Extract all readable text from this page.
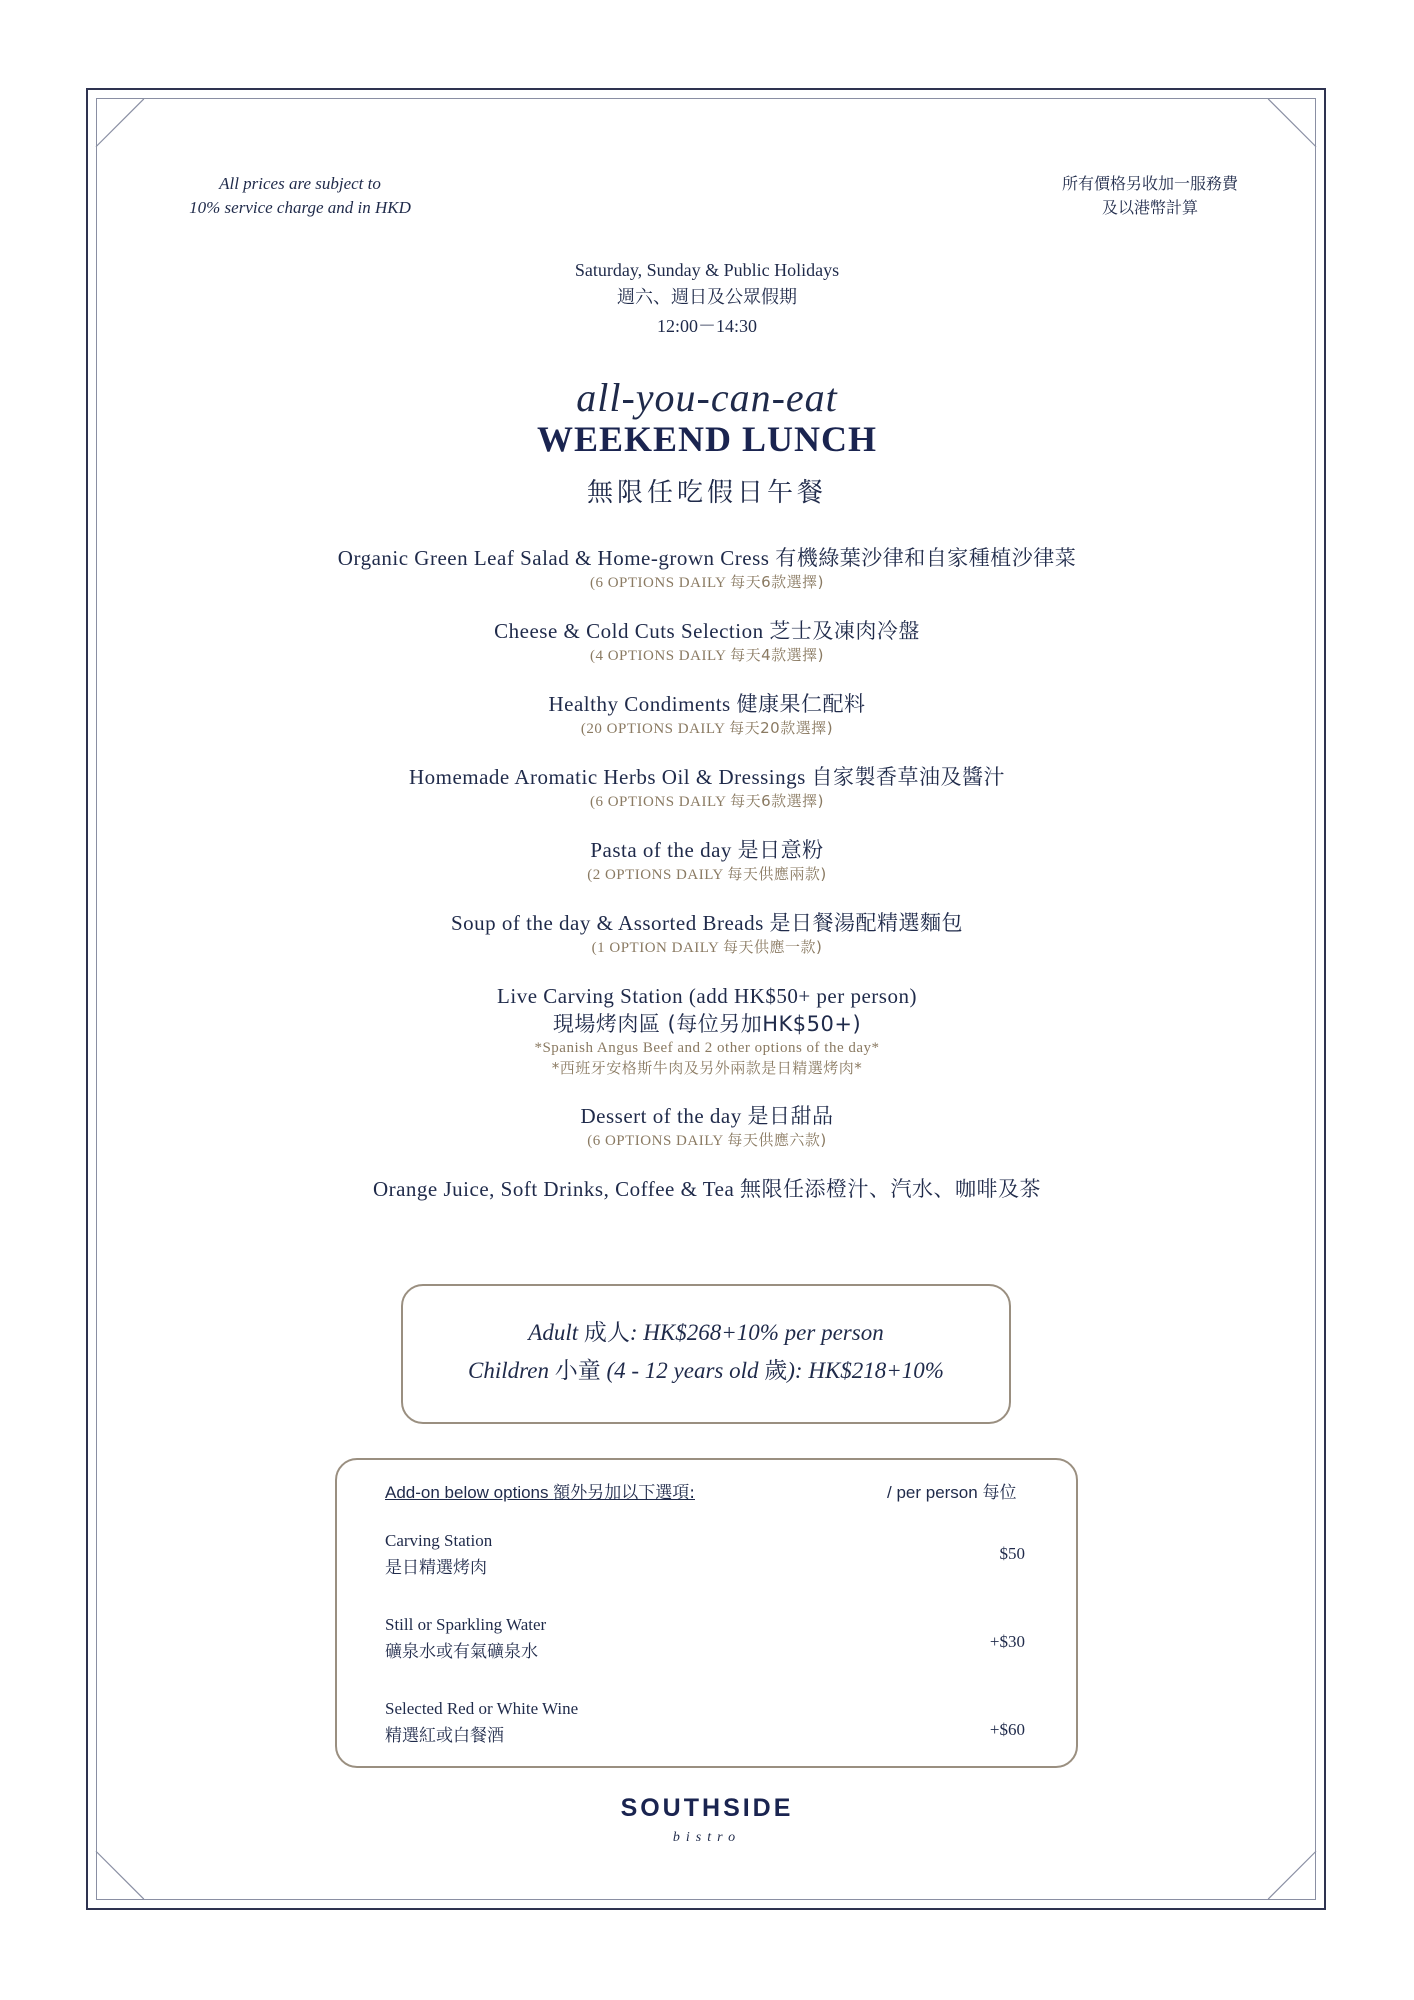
All prices are subject to
10% service charge and in HKD
所有價格另收加一服務費
及以港幣計算
Saturday, Sunday & Public Holidays
週六、週日及公眾假期
12:00－14:30
all-you-can-eat
WEEKEND LUNCH
無限任吃假日午餐
Organic Green Leaf Salad & Home-grown Cress 有機綠葉沙律和自家種植沙律菜
(6 OPTIONS DAILY 每天6款選擇)
Cheese & Cold Cuts Selection 芝士及凍肉冷盤
(4 OPTIONS DAILY 每天4款選擇)
Healthy Condiments 健康果仁配料
(20 OPTIONS DAILY 每天20款選擇)
Homemade Aromatic Herbs Oil & Dressings 自家製香草油及醬汁
(6 OPTIONS DAILY 每天6款選擇)
Pasta of the day 是日意粉
(2 OPTIONS DAILY 每天供應兩款)
Soup of the day & Assorted Breads 是日餐湯配精選麵包
(1 OPTION DAILY 每天供應一款)
Live Carving Station (add HK$50+ per person)
現場烤肉區 (每位另加HK$50+)
*Spanish Angus Beef and 2 other options of the day*
*西班牙安格斯牛肉及另外兩款是日精選烤肉*
Dessert of the day 是日甜品
(6 OPTIONS DAILY 每天供應六款)
Orange Juice, Soft Drinks, Coffee & Tea 無限任添橙汁、汽水、咖啡及茶
Adult 成人: HK$268+10% per person
Children 小童 (4 - 12 years old 歲): HK$218+10%
Add-on below options 額外另加以下選項:	/ per person 每位
Carving Station
是日精選烤肉
$50
Still or Sparkling Water
礦泉水或有氣礦泉水
+$30
Selected Red or White Wine
精選紅或白餐酒	+$60
SOUTHSIDE
bistro
